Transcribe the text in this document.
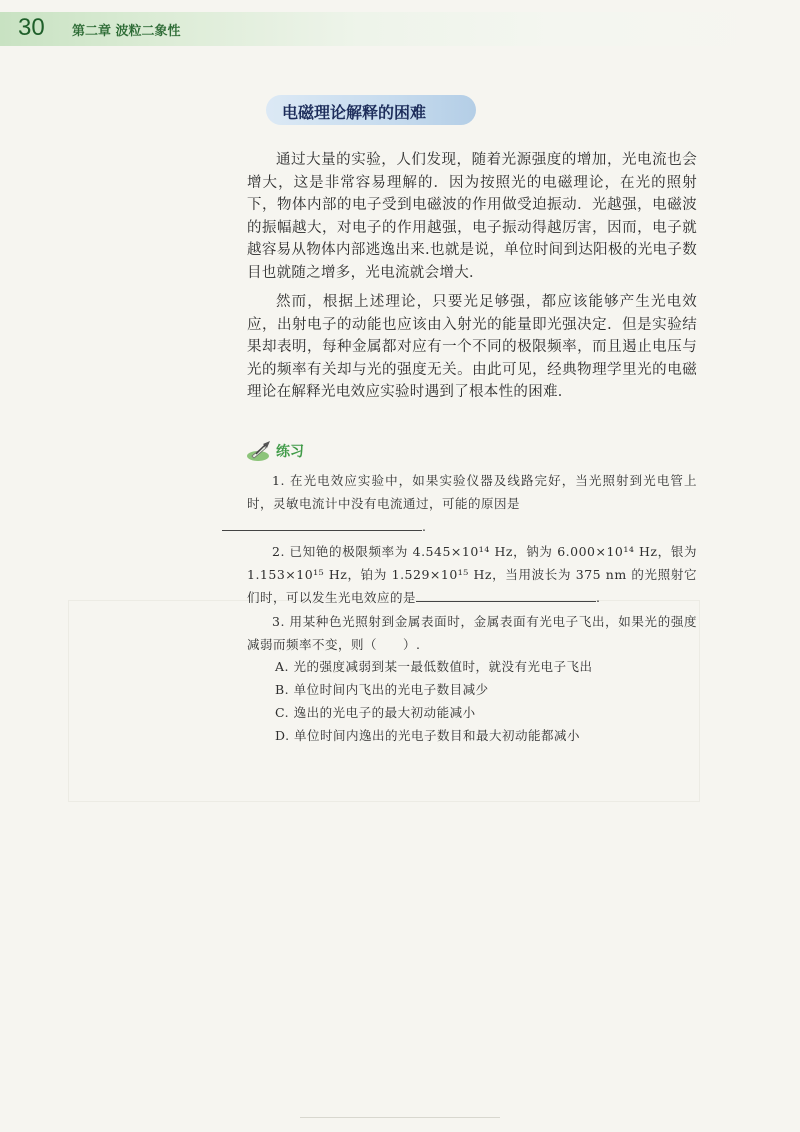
30 第二章 波粒二象性
电磁理论解释的困难

通过大量的实验，人们发现，随着光源强度的增加，光电流也会增大，这是非常容易理解的．因为按照光的电磁理论，在光的照射下，物体内部的电子受到电磁波的作用做受迫振动．光越强，电磁波的振幅越大，对电子的作用越强，电子振动得越厉害，因而，电子就越容易从物体内部逃逸出来.也就是说，单位时间到达阳极的光电子数目也就随之增多，光电流就会增大．

然而，根据上述理论，只要光足够强，都应该能够产生光电效应，出射电子的动能也应该由入射光的能量即光强决定．但是实验结果却表明，每种金属都对应有一个不同的极限频率，而且遏止电压与光的频率有关却与光的强度无关。由此可见，经典物理学里光的电磁理论在解释光电效应实验时遇到了根本性的困难．

练习

1. 在光电效应实验中，如果实验仪器及线路完好，当光照射到光电管上时，灵敏电流计中没有电流通过，可能的原因是
.

2. 已知铯的极限频率为 4.545×10¹⁴ Hz，钠为 6.000×10¹⁴ Hz，银为 1.153×10¹⁵ Hz，铂为 1.529×10¹⁵ Hz，当用波长为 375 nm 的光照射它们时，可以发生光电效应的是	.

3. 用某种色光照射到金属表面时，金属表面有光电子飞出，如果光的强度减弱而频率不变，则（　　）.

A. 光的强度减弱到某一最低数值时，就没有光电子飞出
B. 单位时间内飞出的光电子数目减少
C. 逸出的光电子的最大初动能减小
D. 单位时间内逸出的光电子数目和最大初动能都减小
